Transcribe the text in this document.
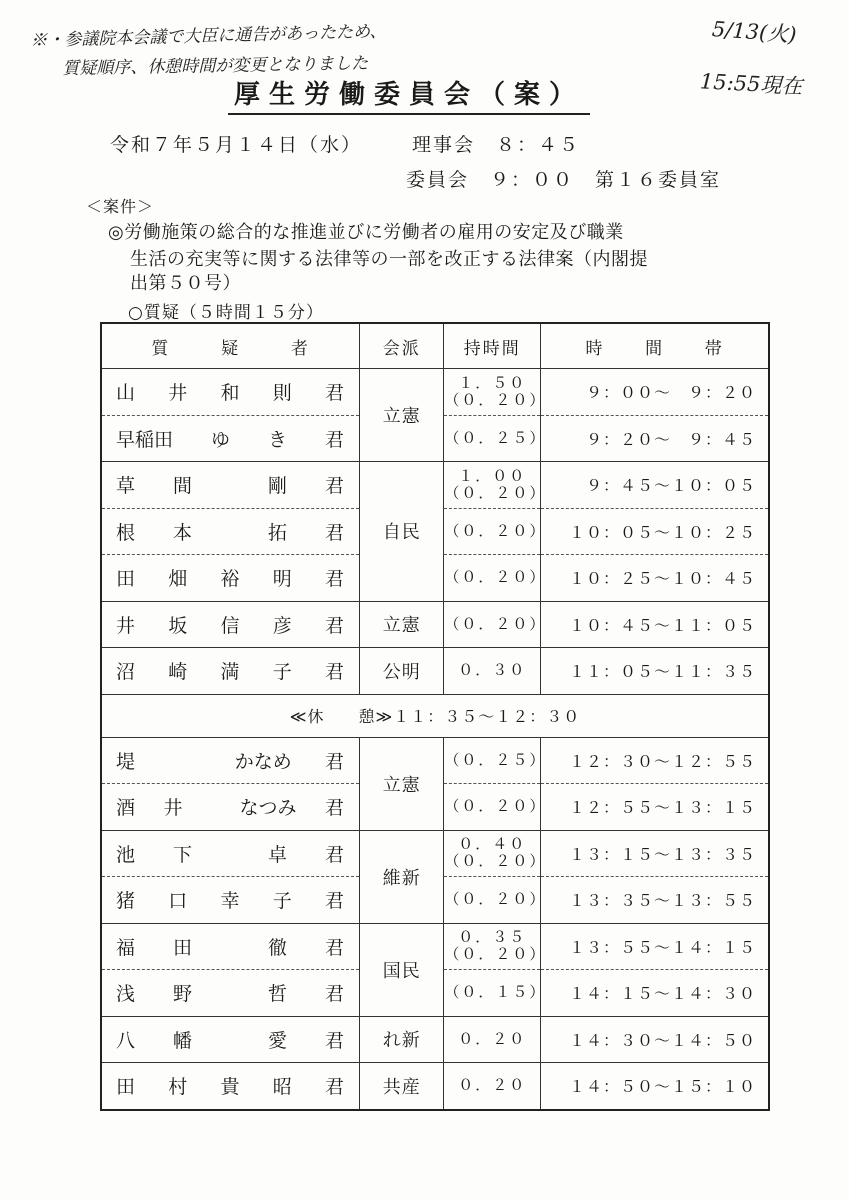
※・参議院本会議で大臣に通告があったため、
質疑順序、休憩時間が変更となりました
5/13(火)
15:55現在
厚生労働委員会（案）
令和７年５月１４日（水）	理事会　８：４５
委員会　９：００　第１６委員室
＜案件＞
◎労働施策の総合的な推進並びに労働者の雇用の安定及び職業
生活の充実等に関する法律等の一部を改正する法律案（内閣提
出第５０号）
○質疑（５時間１５分）
質 疑 者	会派	持時間	時 間 帯

山 井 和 則 君	立憲	１．５０
（０．２０）	９：００～　９：２０

早稲田 ゆ き 君		（０．２５）	９：２０～　９：４５

草 間 剛 君	自民	１．００
（０．２０）	９：４５～１０：０５

根 本 拓 君		（０．２０）	１０：０５～１０：２５

田 畑 裕 明 君		（０．２０）	１０：２５～１０：４５

井 坂 信 彦 君	立憲	（０．２０）	１０：４５～１１：０５

沼 崎 満 子 君	公明	０．３０	１１：０５～１１：３５
≪休　　憩≫１１：３５～１２：３０			

堤 かなめ 君	立憲	（０．２５）	１２：３０～１２：５５

酒 井 なつみ 君		（０．２０）	１２：５５～１３：１５

池 下 卓 君	維新	０．４０
（０．２０）	１３：１５～１３：３５

猪 口 幸 子 君		（０．２０）	１３：３５～１３：５５

福 田 徹 君	国民	０．３５
（０．２０）	１３：５５～１４：１５

浅 野 哲 君		（０．１５）	１４：１５～１４：３０

八 幡 愛 君	れ新	０．２０	１４：３０～１４：５０

田 村 貴 昭 君	共産	０．２０	１４：５０～１５：１０
